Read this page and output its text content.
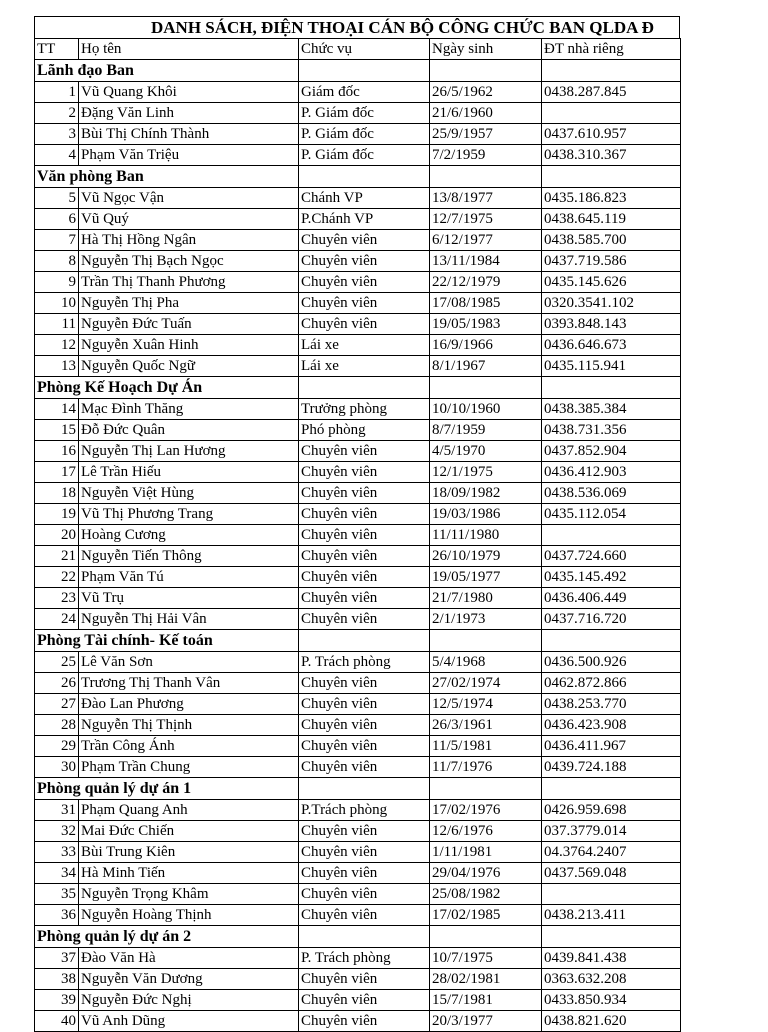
DANH SÁCH, ĐIỆN THOẠI CÁN BỘ CÔNG CHỨC BAN QLDA Đ
TT	Họ tên	Chức vụ	Ngày sinh	ĐT nhà riêng
Lãnh đạo Ban				
1	Vũ Quang Khôi	Giám đốc	26/5/1962	0438.287.845
2	Đặng Văn Linh	P. Giám đốc	21/6/1960	
3	Bùi Thị Chính Thành	P. Giám đốc	25/9/1957	0437.610.957
4	Phạm Văn Triệu	P. Giám đốc	7/2/1959	0438.310.367
Văn phòng Ban				
5	Vũ Ngọc Vận	Chánh VP	13/8/1977	0435.186.823
6	Vũ Quý	P.Chánh VP	12/7/1975	0438.645.119
7	Hà Thị Hồng Ngân	Chuyên viên	6/12/1977	0438.585.700
8	Nguyễn Thị Bạch Ngọc	Chuyên viên	13/11/1984	0437.719.586
9	Trần Thị Thanh Phương	Chuyên viên	22/12/1979	0435.145.626
10	Nguyễn Thị Pha	Chuyên viên	17/08/1985	0320.3541.102
11	Nguyễn Đức Tuấn	Chuyên viên	19/05/1983	0393.848.143
12	Nguyễn Xuân Hinh	Lái xe	16/9/1966	0436.646.673
13	Nguyễn Quốc Ngữ	Lái xe	8/1/1967	0435.115.941
Phòng Kế Hoạch Dự Án				
14	Mạc Đình Thăng	Trưởng phòng	10/10/1960	0438.385.384
15	Đỗ Đức Quân	Phó phòng	8/7/1959	0438.731.356
16	Nguyễn Thị Lan Hương	Chuyên viên	4/5/1970	0437.852.904
17	Lê Trần Hiếu	Chuyên viên	12/1/1975	0436.412.903
18	Nguyễn Việt Hùng	Chuyên viên	18/09/1982	0438.536.069
19	Vũ Thị Phương Trang	Chuyên viên	19/03/1986	0435.112.054
20	Hoàng Cương	Chuyên viên	11/11/1980	
21	Nguyễn Tiến Thông	Chuyên viên	26/10/1979	0437.724.660
22	Phạm Văn Tú	Chuyên viên	19/05/1977	0435.145.492
23	Vũ Trụ	Chuyên viên	21/7/1980	0436.406.449
24	Nguyễn Thị Hải Vân	Chuyên viên	2/1/1973	0437.716.720
Phòng Tài chính- Kế toán				
25	Lê Văn Sơn	P. Trách phòng	5/4/1968	0436.500.926
26	Trương Thị Thanh Vân	Chuyên viên	27/02/1974	0462.872.866
27	Đào Lan Phương	Chuyên viên	12/5/1974	0438.253.770
28	Nguyễn Thị Thịnh	Chuyên viên	26/3/1961	0436.423.908
29	Trần Công Ánh	Chuyên viên	11/5/1981	0436.411.967
30	Phạm Trần Chung	Chuyên viên	11/7/1976	0439.724.188
Phòng quản lý dự án 1				
31	Phạm Quang Anh	P.Trách phòng	17/02/1976	0426.959.698
32	Mai Đức Chiến	Chuyên viên	12/6/1976	037.3779.014
33	Bùi Trung Kiên	Chuyên viên	1/11/1981	04.3764.2407
34	Hà Minh Tiến	Chuyên viên	29/04/1976	0437.569.048
35	Nguyễn Trọng Khâm	Chuyên viên	25/08/1982	
36	Nguyễn Hoàng Thịnh	Chuyên viên	17/02/1985	0438.213.411
Phòng quản lý dự án 2				
37	Đào Văn Hà	P. Trách phòng	10/7/1975	0439.841.438
38	Nguyễn Văn Dương	Chuyên viên	28/02/1981	0363.632.208
39	Nguyễn Đức Nghị	Chuyên viên	15/7/1981	0433.850.934
40	Vũ Anh Dũng	Chuyên viên	20/3/1977	0438.821.620
